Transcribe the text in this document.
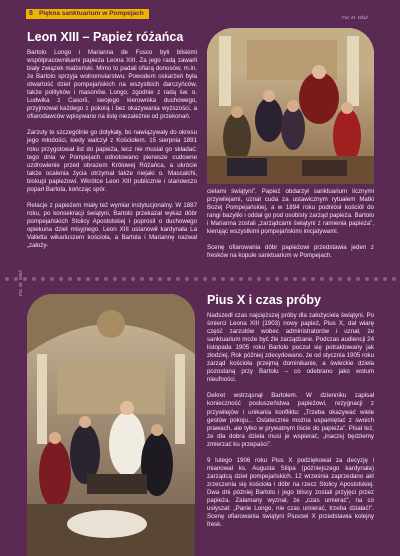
8 Piękna sanktuarium w Pompejach
Fot. M. Wlaź
Leon XIII – Papież różańca

Bartolo Longo i Marianna de Fusco byli bliskimi współpracownikami papieża Leona XIII. Za jego radą zawarli biały związek małżeński. Mimo to padali ofiarą donosów, m.in. że Bartolo sprzyja wolnomularstwu. Powodem oskarżeń była otwartość dzieł pompejańskich na wszystkich darczyńców, także polityków i masonów. Longo, zgodnie z radą św. o. Ludwika z Casorii, swojego kierownika duchowego, przyjmował każdego z pokorą i bez okazywania wyższości, a ofiarodawców wpisywano na listę niezależnie od przekonań.

Zarzuty te szczególnie go dotykały, bo nawiązywały do okresu jego młodości, kiedy walczył z Kościołem. 15 sierpnia 1891 roku przygotował list do papieża, lecz nie musiał go składać: tego dnia w Pompejach odnotowano pierwsze cudowne uzdrowienie przed obrazem Królowej Różańca, a ukrócie także ocalenia życia otrzymał także niejaki o. Mascalchi, biskupi papieżowi. Wkrótce Leon XIII publicznie i stanowczo poparł Bartola, kończąc spór.

Relacje z papieżem miały też wymiar instytucjonalny. W 1887 roku, po konsekracji świątyni, Bartolo przekazał wykaz dóbr pompejańskich Stolicy Apostolskiej i poprosił o duchowego opiekuna dzieł misyjnego. Leon XIII ustanowił kardynała La Valletta wikariuszem kościoła, a Bartola i Mariannę nazwał „założy-

cielami świątyni”. Papież obdarzył sanktuarium licznymi przywilejami, uznał cuda za ustawicznym rytuałem Matki Bożej Pompejańskiej, a w 1894 roku podniósł kościół do rangi bazyliki i oddał go pod osobisty zarząd papieża. Bartolo i Marianna zostali „zarządcami świątyni z ramienia papieża”, kierując wszystkimi pompejańskimi inicjatywami.

Scenę ofiarowania dóbr papieżowi przedstawia jeden z fresków na kopule sanktuarium w Pompejach.

Fot. M. Wlaź
Pius X i czas próby

Nadszedł czas najcięższej próby dla założyciela świątyni. Po śmierci Leona XIII (1903) nowy papież, Pius X, dał wiarę część zarzutów wobec administratorów i uznał, że sanktuarium może być źle zarządzane. Podczas audiencji 24 listopada 1905 roku Bartolo poczuł się potraktowany jak złodziej. Rok później zdecydowano, że od stycznia 1905 roku zarząd kościoła przejmą dominikanie, a świeckie dzieła pozostaną przy Bartolu – co odebrano jako wotum nieufności.

Dekret wstrząsnął Bartolem. W dzienniku zapisał konieczność posłuszeństwa papieżowi, rezygnacji z przywilejów i unikania konfliktu: „Trzeba okazywać wiele gestów pokoju... Ostatecznie można uspamiętać z swoich prawach, ale tylko w prywatnym liście do papieża”. Pisał też, że dla dobra dzieła musi je wspierać, „inaczej będziemy zmierzać ku przepaści”.

9 lutego 1906 roku Pius X podziękował za decyzję i mianował ks. Augusta Silipa (późniejszego kardynała) zarządcą dzieł pompejańskich. 12 września zaprzedano akt zrzeczenia się kościoła i dóbr na rzecz Stolicy Apostolskiej. Dwa dni później Bartolo i jego bliscy zostali przyjęci przez papieża. Zalamany wyznał, że „czas umierać”, na co usłyszał: „Panie Longo, nie czas umierać, trzeba działać!”. Scenę ofiarowania świątyni Piusowi X przedstawia kolejny fresk.
